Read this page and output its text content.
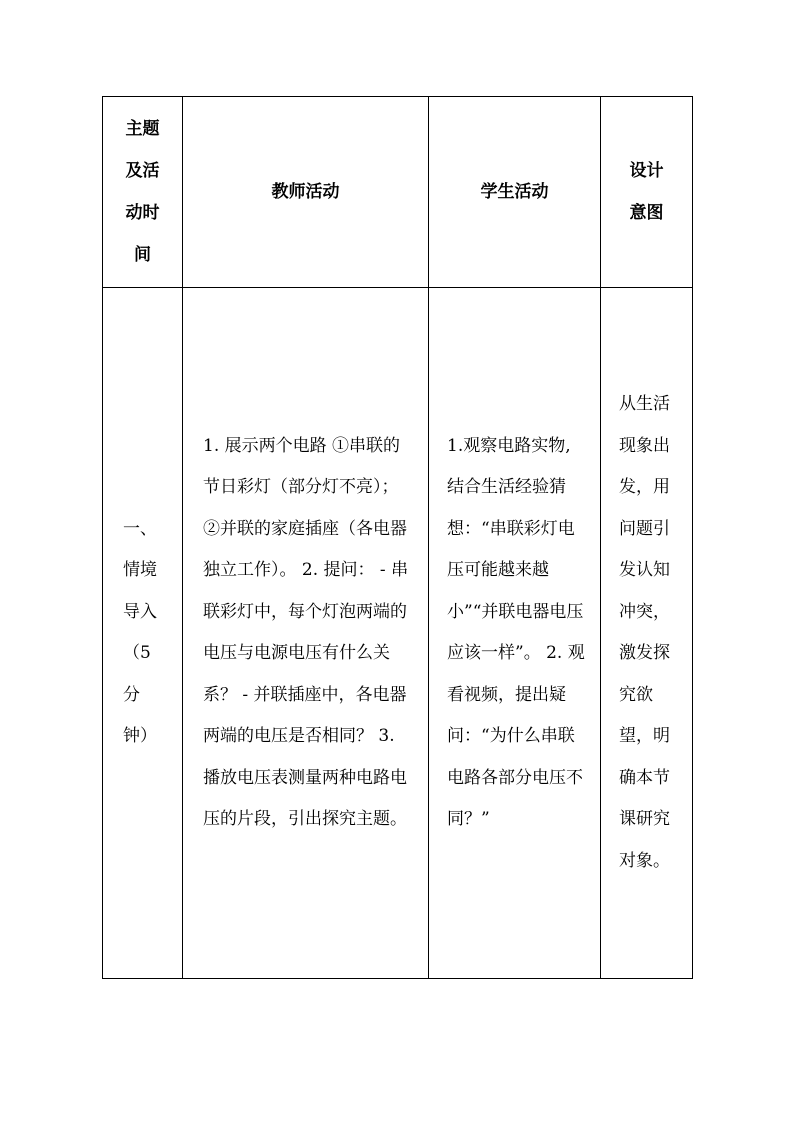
主题及活动时间	教师活动	学生活动	设计意图

一、情境导入（5分钟）	1. 展示两个电路 ①串联的节日彩灯（部分灯不亮）；②并联的家庭插座（各电器独立工作）。 2. 提问： - 串联彩灯中，每个灯泡两端的电压与电源电压有什么关系？ - 并联插座中，各电器两端的电压是否相同？ 3. 播放电压表测量两种电路电压的片段，引出探究主题。	1.观察电路实物,结合生活经验猜想：“串联彩灯电压可能越来越小”“并联电器电压应该一样”。 2. 观看视频，提出疑问：“为什么串联电路各部分电压不同？”	从生活现象出发，用问题引发认知冲突，激发探究欲望，明确本节课研究对象。
